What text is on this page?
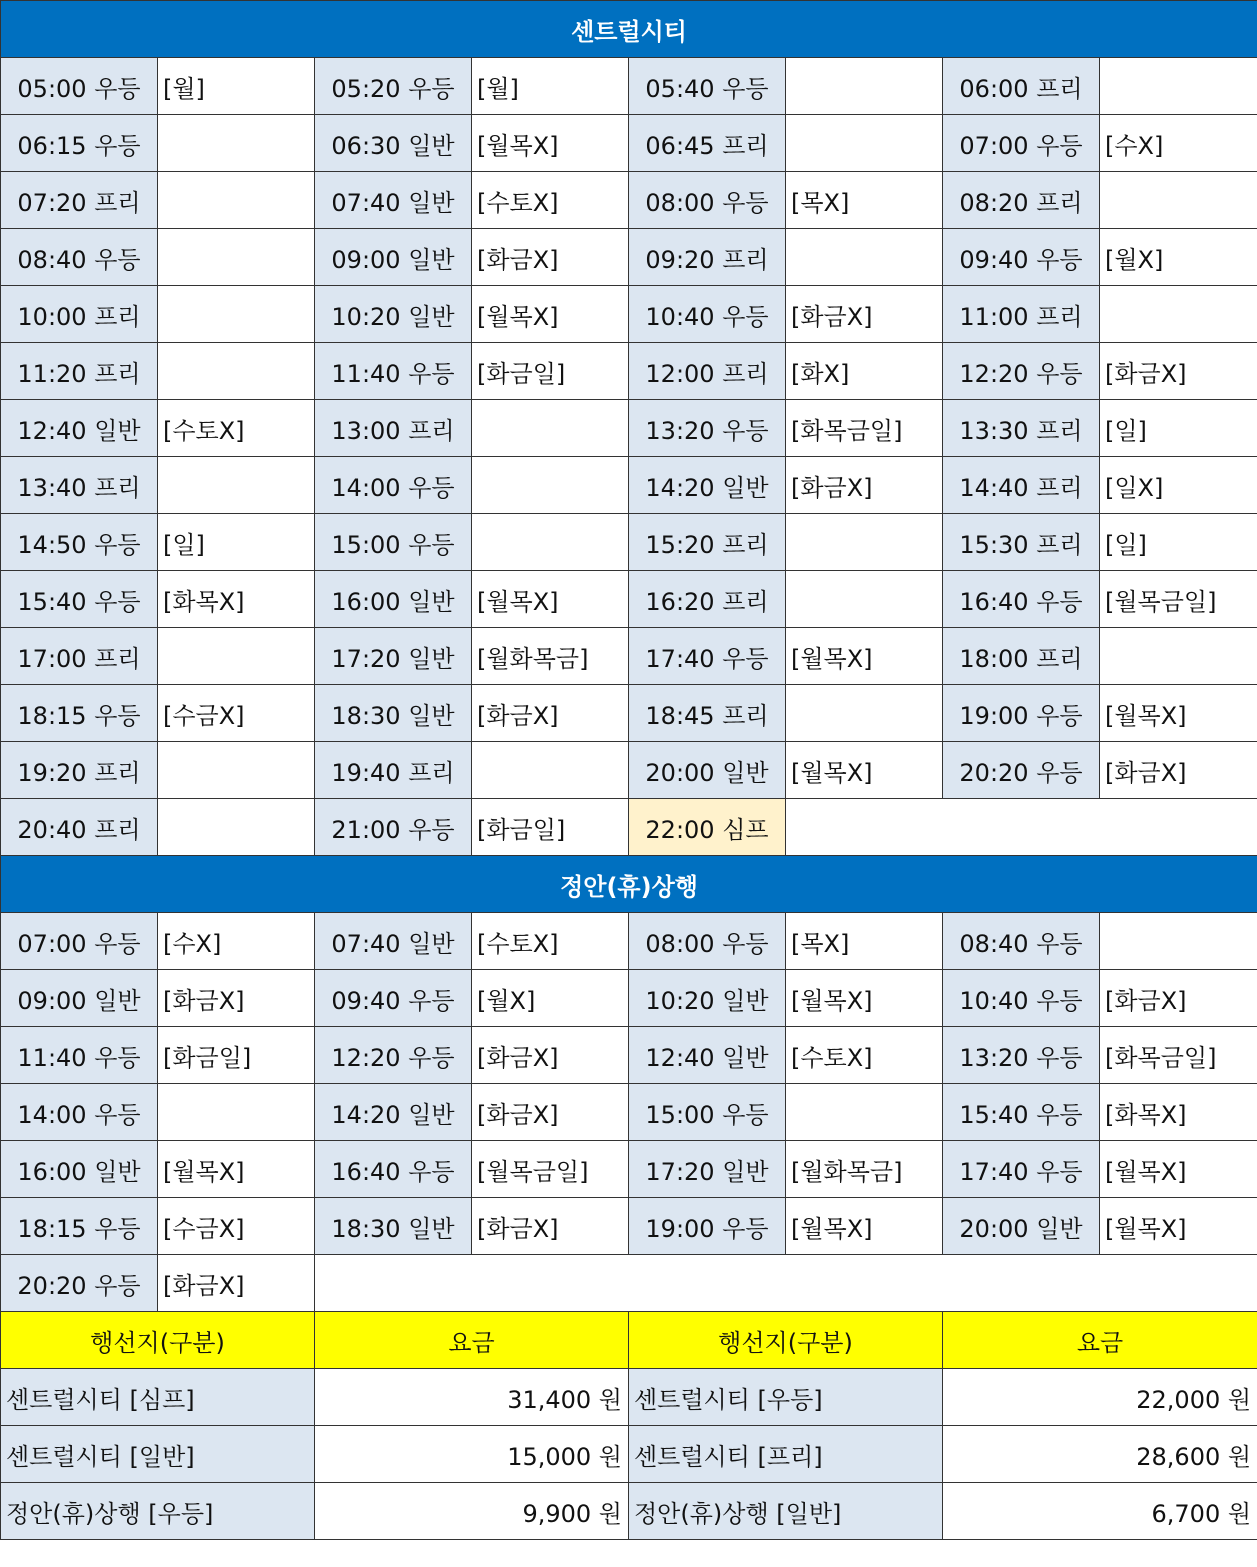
센트럴시티							
05:00 우등	[월]	05:20 우등	[월]	05:40 우등		06:00 프리	
06:15 우등		06:30 일반	[월목X]	06:45 프리		07:00 우등	[수X]
07:20 프리		07:40 일반	[수토X]	08:00 우등	[목X]	08:20 프리	
08:40 우등		09:00 일반	[화금X]	09:20 프리		09:40 우등	[월X]
10:00 프리		10:20 일반	[월목X]	10:40 우등	[화금X]	11:00 프리	
11:20 프리		11:40 우등	[화금일]	12:00 프리	[화X]	12:20 우등	[화금X]
12:40 일반	[수토X]	13:00 프리		13:20 우등	[화목금일]	13:30 프리	[일]
13:40 프리		14:00 우등		14:20 일반	[화금X]	14:40 프리	[일X]
14:50 우등	[일]	15:00 우등		15:20 프리		15:30 프리	[일]
15:40 우등	[화목X]	16:00 일반	[월목X]	16:20 프리		16:40 우등	[월목금일]
17:00 프리		17:20 일반	[월화목금]	17:40 우등	[월목X]	18:00 프리	
18:15 우등	[수금X]	18:30 일반	[화금X]	18:45 프리		19:00 우등	[월목X]
19:20 프리		19:40 프리		20:00 일반	[월목X]	20:20 우등	[화금X]
20:40 프리		21:00 우등	[화금일]	22:00 심프			
정안(휴)상행							
07:00 우등	[수X]	07:40 일반	[수토X]	08:00 우등	[목X]	08:40 우등	
09:00 일반	[화금X]	09:40 우등	[월X]	10:20 일반	[월목X]	10:40 우등	[화금X]
11:40 우등	[화금일]	12:20 우등	[화금X]	12:40 일반	[수토X]	13:20 우등	[화목금일]
14:00 우등		14:20 일반	[화금X]	15:00 우등		15:40 우등	[화목X]
16:00 일반	[월목X]	16:40 우등	[월목금일]	17:20 일반	[월화목금]	17:40 우등	[월목X]
18:15 우등	[수금X]	18:30 일반	[화금X]	19:00 우등	[월목X]	20:00 일반	[월목X]
20:20 우등	[화금X]						
행선지(구분)		요금		행선지(구분)		요금	
센트럴시티 [심프]		31,400 원		센트럴시티 [우등]		22,000 원	
센트럴시티 [일반]		15,000 원		센트럴시티 [프리]		28,600 원	
정안(휴)상행 [우등]		9,900 원		정안(휴)상행 [일반]		6,700 원	
